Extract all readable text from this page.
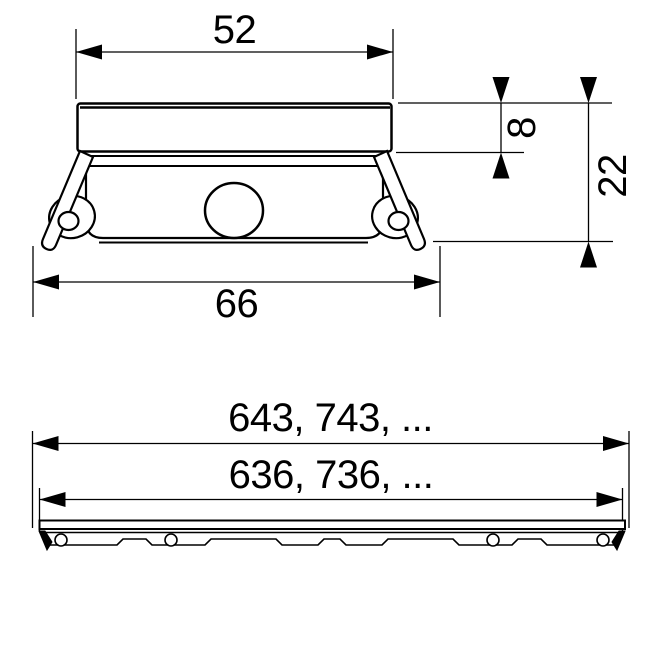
52
8
22
66
643, 743, ...
636, 736, ...
